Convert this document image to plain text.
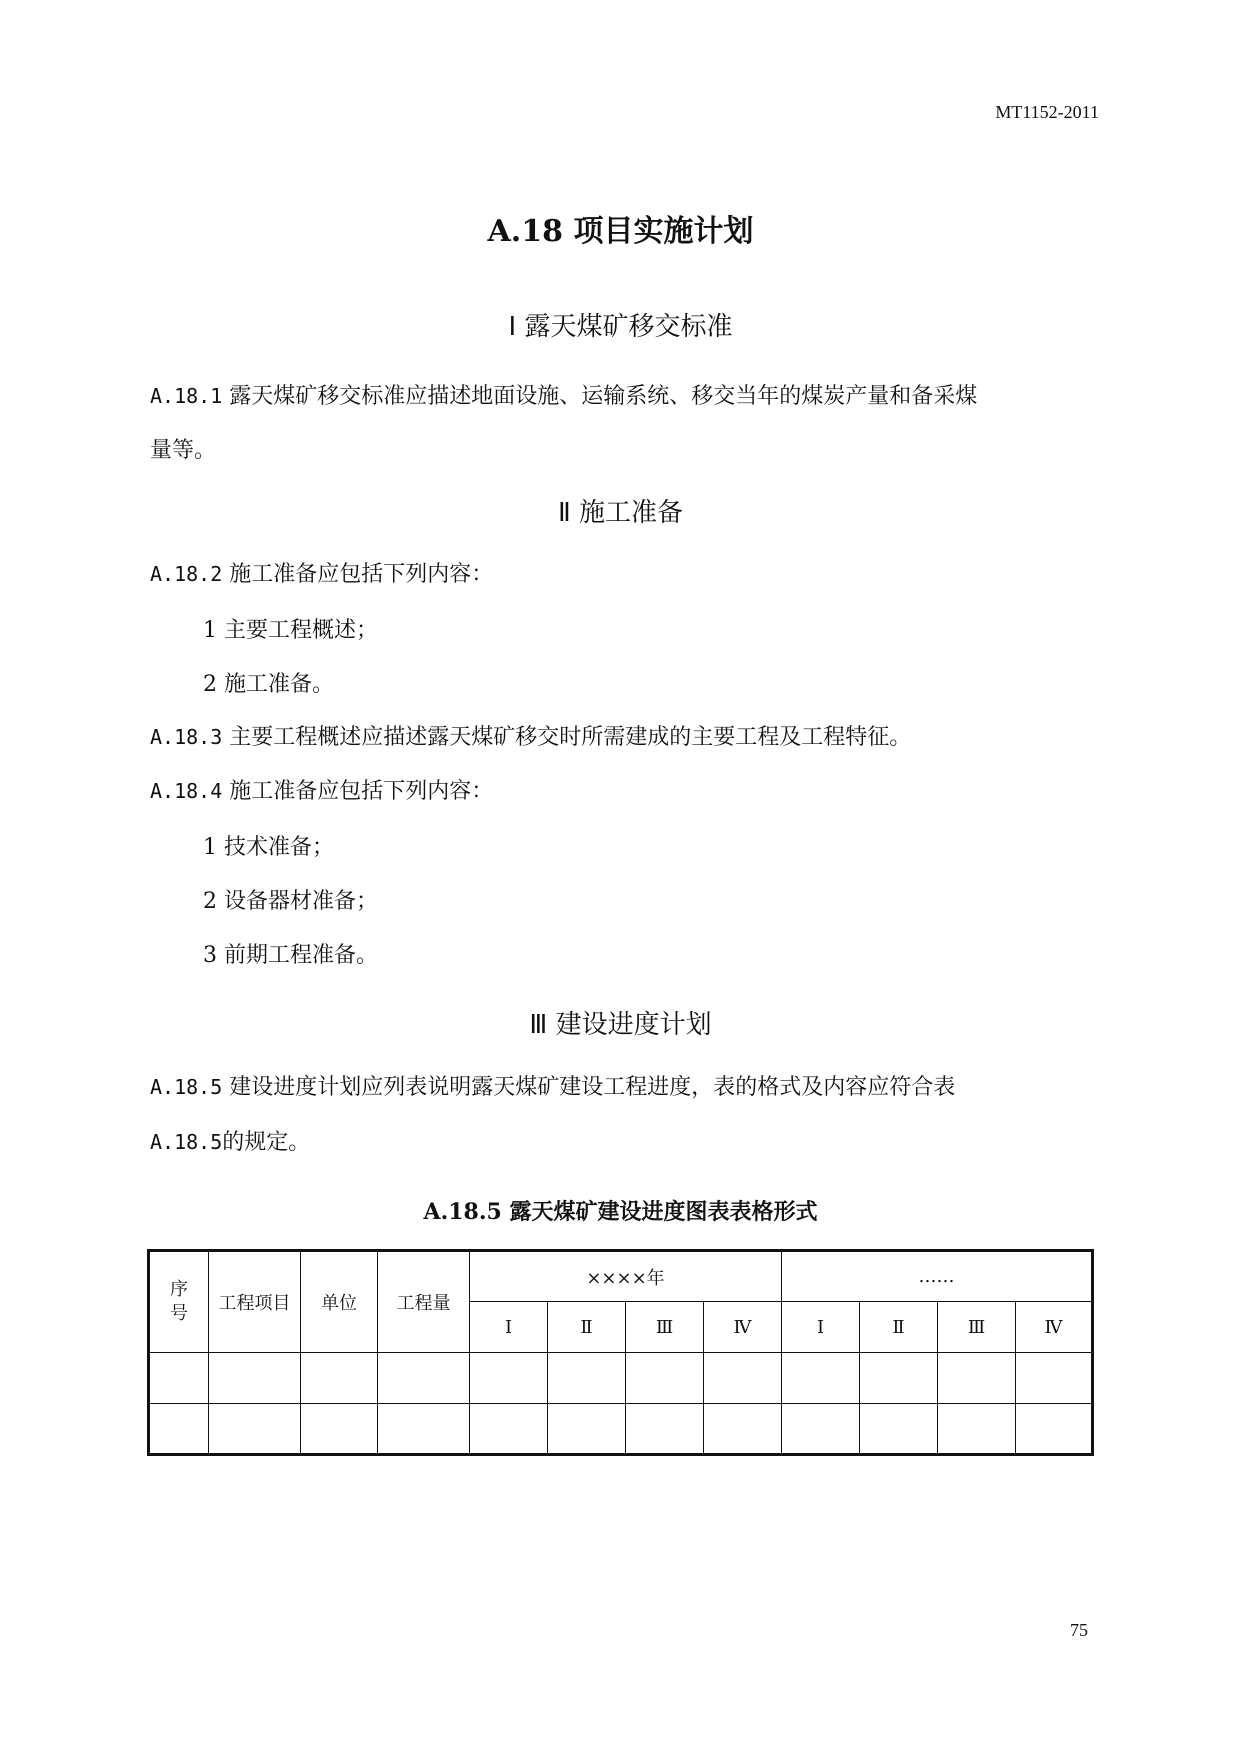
MT1152-2011
A.18 项目实施计划
Ⅰ 露天煤矿移交标准
A.18.1 露天煤矿移交标准应描述地面设施、运输系统、移交当年的煤炭产量和备采煤
量等。
Ⅱ 施工准备
A.18.2 施工准备应包括下列内容：
1 主要工程概述；
2 施工准备。
A.18.3 主要工程概述应描述露天煤矿移交时所需建成的主要工程及工程特征。
A.18.4 施工准备应包括下列内容：
1 技术准备；
2 设备器材准备；
3 前期工程准备。
Ⅲ 建设进度计划
A.18.5 建设进度计划应列表说明露天煤矿建设工程进度，表的格式及内容应符合表
A.18.5的规定。
A.18.5 露天煤矿建设进度图表表格形式
序号	工程项目	单位	工程量	××××年				……			
				Ⅰ	Ⅱ	Ⅲ	Ⅳ	Ⅰ	Ⅱ	Ⅲ	Ⅳ

75
